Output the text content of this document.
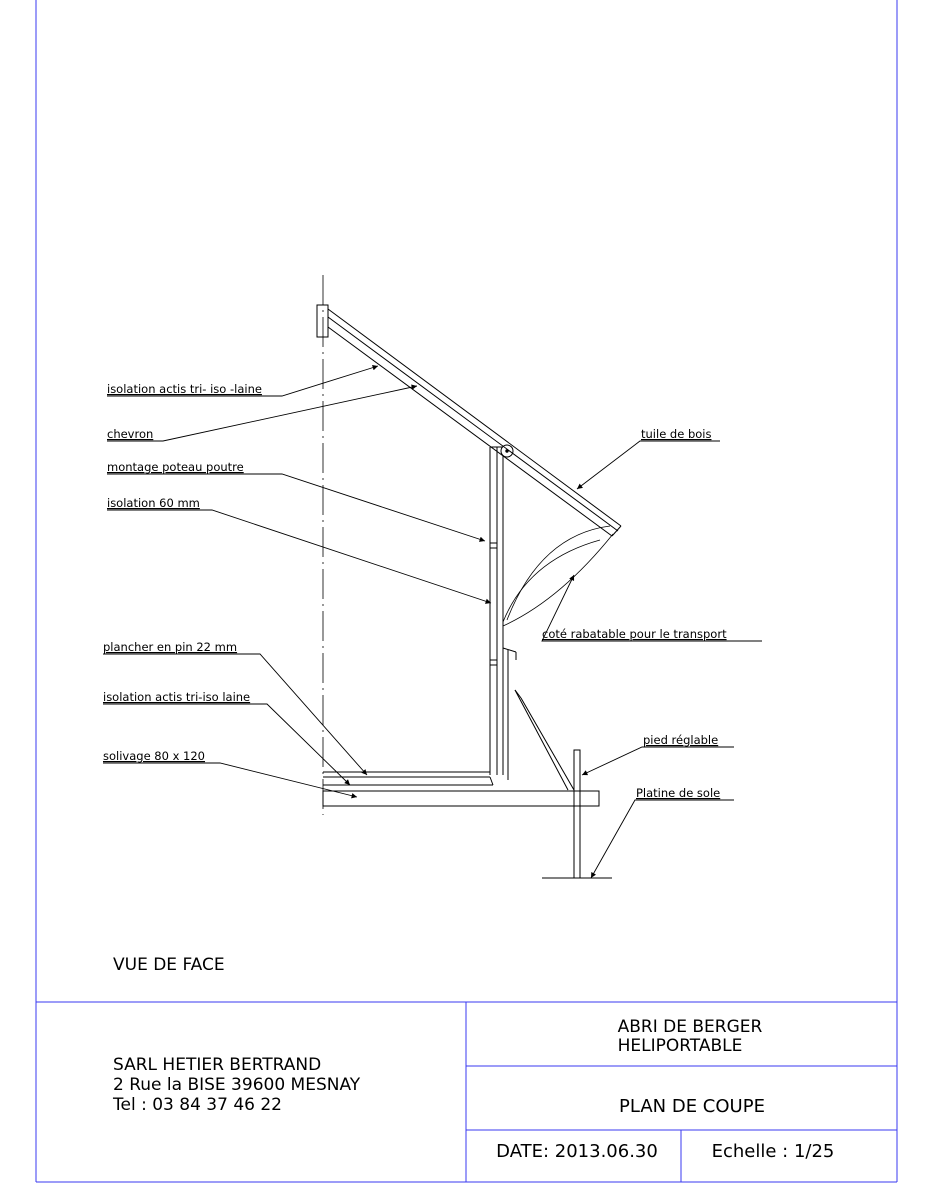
isolation actis tri- iso -laine
chevron
montage poteau poutre
isolation 60 mm
plancher en pin 22 mm
isolation actis tri-iso laine
solivage 80 x 120
tuile de bois
coté rabatable pour le transport
pied réglable
Platine de sole
VUE DE FACE
SARL HETIER BERTRAND
2 Rue la BISE 39600 MESNAY
Tel : 03 84 37 46 22
ABRI DE BERGER
HELIPORTABLE
PLAN DE COUPE
DATE: 2013.06.30	Echelle : 1/25
